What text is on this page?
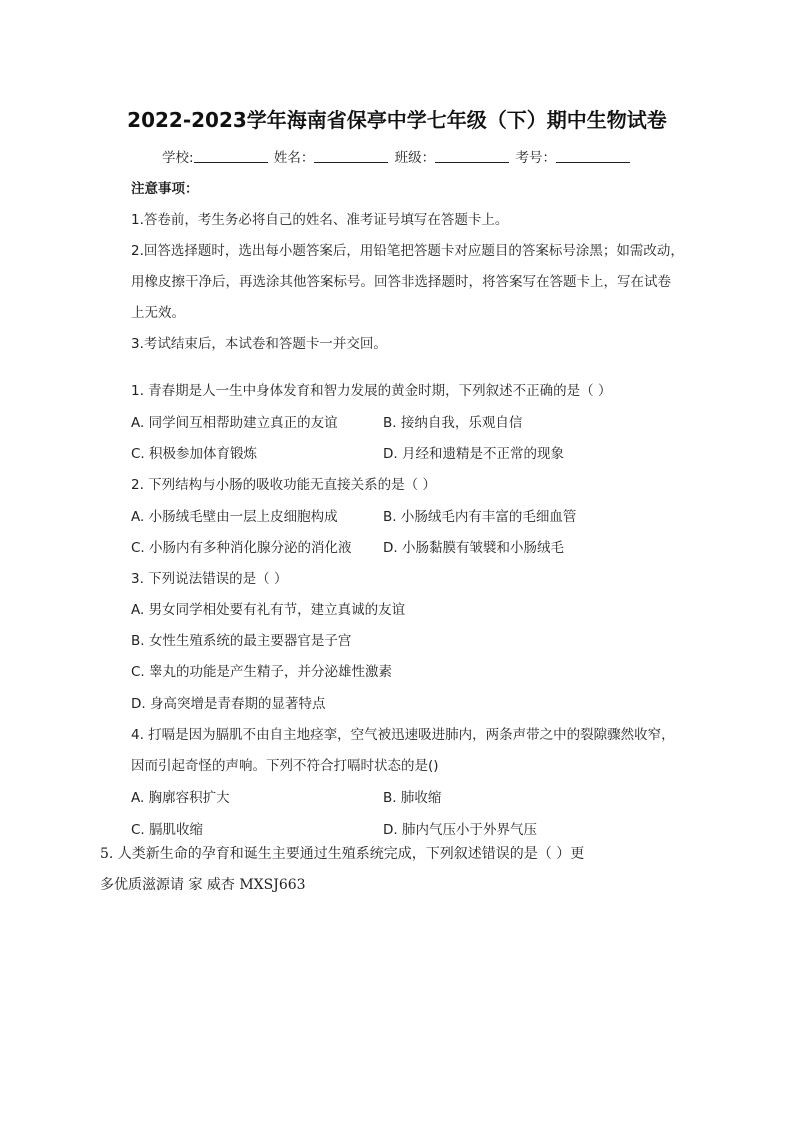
2022-2023学年海南省保亭中学七年级（下）期中生物试卷
学校:	姓名：	班级：	考号：
注意事项：
1.答卷前，考生务必将自己的姓名、准考证号填写在答题卡上。
2.回答选择题时，选出每小题答案后，用铅笔把答题卡对应题目的答案标号涂黑；如需改动，
用橡皮擦干净后，再选涂其他答案标号。回答非选择题时，将答案写在答题卡上，写在试卷
上无效。
3.考试结束后，本试卷和答题卡一并交回。
1. 青春期是人一生中身体发育和智力发展的黄金时期，下列叙述不正确的是（ ）
A. 同学间互相帮助建立真正的友谊	B. 接纳自我，乐观自信
C. 积极参加体育锻炼	D. 月经和遗精是不正常的现象
2. 下列结构与小肠的吸收功能无直接关系的是（ ）
A. 小肠绒毛壁由一层上皮细胞构成	B. 小肠绒毛内有丰富的毛细血管
C. 小肠内有多种消化腺分泌的消化液 D. 小肠黏膜有皱襞和小肠绒毛
3. 下列说法错误的是（ ）
A. 男女同学相处要有礼有节，建立真诚的友谊
B. 女性生殖系统的最主要器官是子宫
C. 睾丸的功能是产生精子，并分泌雄性激素
D. 身高突增是青春期的显著特点
4. 打嗝是因为膈肌不由自主地痉挛，空气被迅速吸进肺内，两条声带之中的裂隙骤然收窄，
因而引起奇怪的声响。下列不符合打嗝时状态的是()
A. 胸廓容积扩大	B. 肺收缩
C. 膈肌收缩	D. 肺内气压小于外界气压
5. 人类新生命的孕育和诞生主要通过生殖系统完成，下列叙述错误的是（ ）更
多优质滋源请 家 威杏 MXSJ663
